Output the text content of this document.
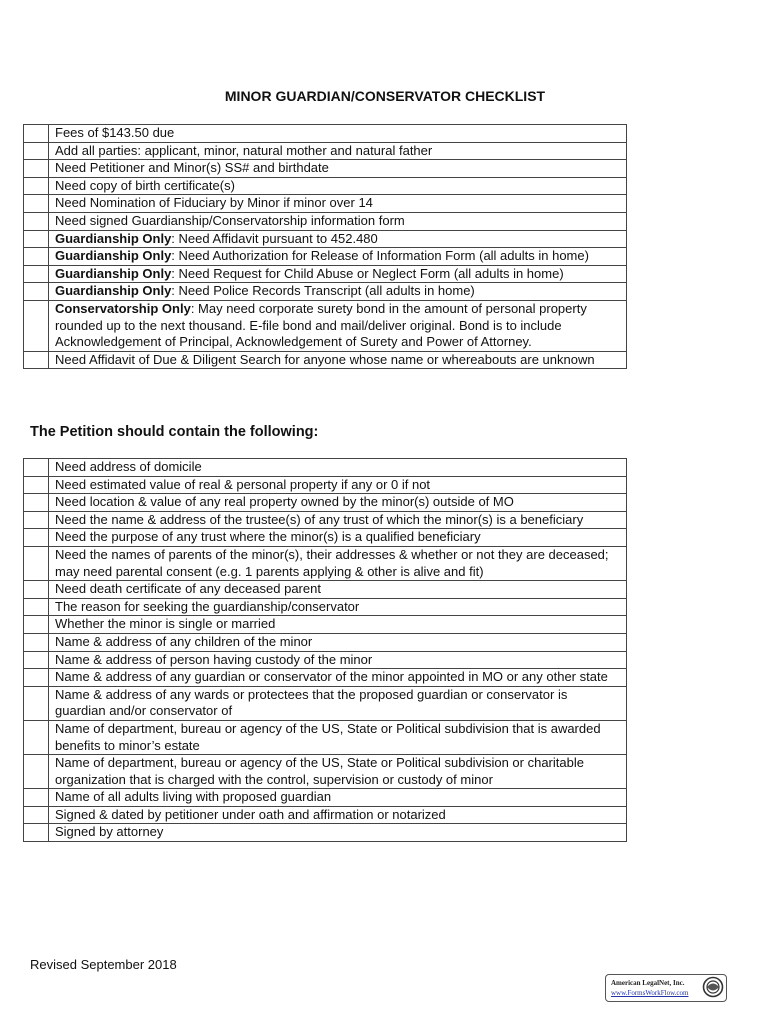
MINOR GUARDIAN/CONSERVATOR CHECKLIST
	Fees of $143.50 due
	Add all parties: applicant, minor, natural mother and natural father
	Need Petitioner and Minor(s) SS# and birthdate
	Need copy of birth certificate(s)
	Need Nomination of Fiduciary by Minor if minor over 14
	Need signed Guardianship/Conservatorship information form
	Guardianship Only: Need Affidavit pursuant to 452.480
	Guardianship Only: Need Authorization for Release of Information Form (all adults in home)
	Guardianship Only: Need Request for Child Abuse or Neglect Form (all adults in home)
	Guardianship Only: Need Police Records Transcript (all adults in home)
	Conservatorship Only: May need corporate surety bond in the amount of personal property rounded up to the next thousand. E-file bond and mail/deliver original. Bond is to include Acknowledgement of Principal, Acknowledgement of Surety and Power of Attorney.
	Need Affidavit of Due & Diligent Search for anyone whose name or whereabouts are unknown
The Petition should contain the following:
	Need address of domicile
	Need estimated value of real & personal property if any or 0 if not
	Need location & value of any real property owned by the minor(s) outside of MO
	Need the name & address of the trustee(s) of any trust of which the minor(s) is a beneficiary
	Need the purpose of any trust where the minor(s) is a qualified beneficiary
	Need the names of parents of the minor(s), their addresses & whether or not they are deceased; may need parental consent (e.g. 1 parents applying & other is alive and fit)
	Need death certificate of any deceased parent
	The reason for seeking the guardianship/conservator
	Whether the minor is single or married
	Name & address of any children of the minor
	Name & address of person having custody of the minor
	Name & address of any guardian or conservator of the minor appointed in MO or any other state
	Name & address of any wards or protectees that the proposed guardian or conservator is guardian and/or conservator of
	Name of department, bureau or agency of the US, State or Political subdivision that is awarded benefits to minor’s estate
	Name of department, bureau or agency of the US, State or Political subdivision or charitable organization that is charged with the control, supervision or custody of minor
	Name of all adults living with proposed guardian
	Signed & dated by petitioner under oath and affirmation or notarized
	Signed by attorney
Revised September 2018
American LegalNet, Inc.
www.FormsWorkFlow.com
